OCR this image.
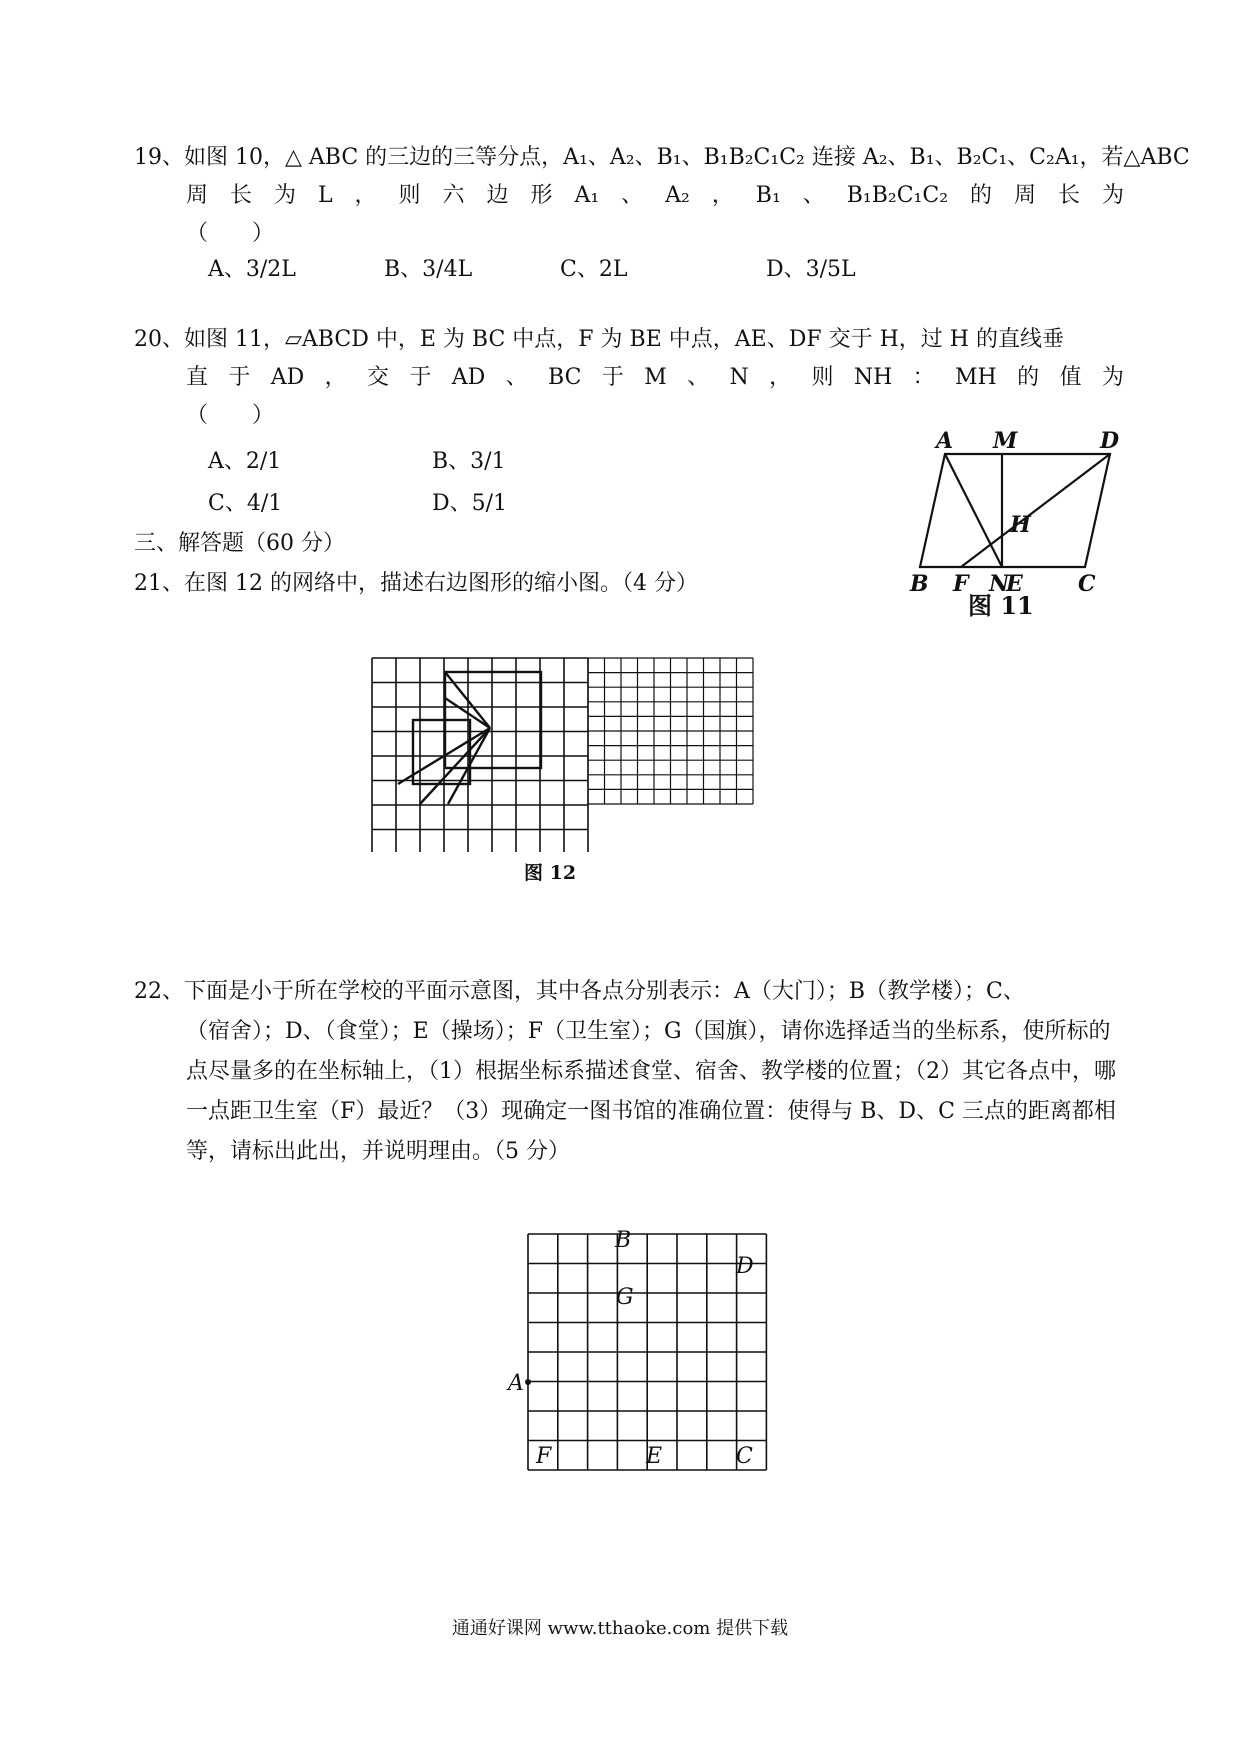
19、如图 10，△ ABC 的三边的三等分点，A₁、A₂、B₁、B₁B₂C₁C₂ 连接 A₂、B₁、B₂C₁、C₂A₁，若△ABC
周 长 为 L ， 则 六 边 形 A₁ 、 A₂ ， B₁ 、 B₁B₂C₁C₂ 的 周 长 为
（　　）
A、3/2L	B、3/4L	C、2L	D、3/5L
20、如图 11，▱ABCD 中，E 为 BC 中点，F 为 BE 中点，AE、DF 交于 H，过 H 的直线垂
直 于 AD ， 交 于 AD 、 BC 于 M 、 N ， 则 NH ： MH 的 值 为
（　　）
A、2/1	B、3/1
C、4/1	D、5/1
A M	D
H
B F N
E	C
图 11
三、解答题（60 分）
21、在图 12 的网络中，描述右边图形的缩小图。（4 分）
图 12
22、下面是小于所在学校的平面示意图，其中各点分别表示：A（大门）；B（教学楼）；C、
（宿舍）；D、（食堂）；E（操场）；F（卫生室）；G（国旗），请你选择适当的坐标系，使所标的点尽量多的在坐标轴上，（1）根据坐标系描述食堂、宿舍、教学楼的位置；（2）其它各点中，哪一点距卫生室（F）最近？（3）现确定一图书馆的准确位置：使得与 B、D、C 三点的距离都相等，请标出此出，并说明理由。（5 分）
A
B
D
G
F	E	C
通通好课网 www.tthaoke.com 提供下载
